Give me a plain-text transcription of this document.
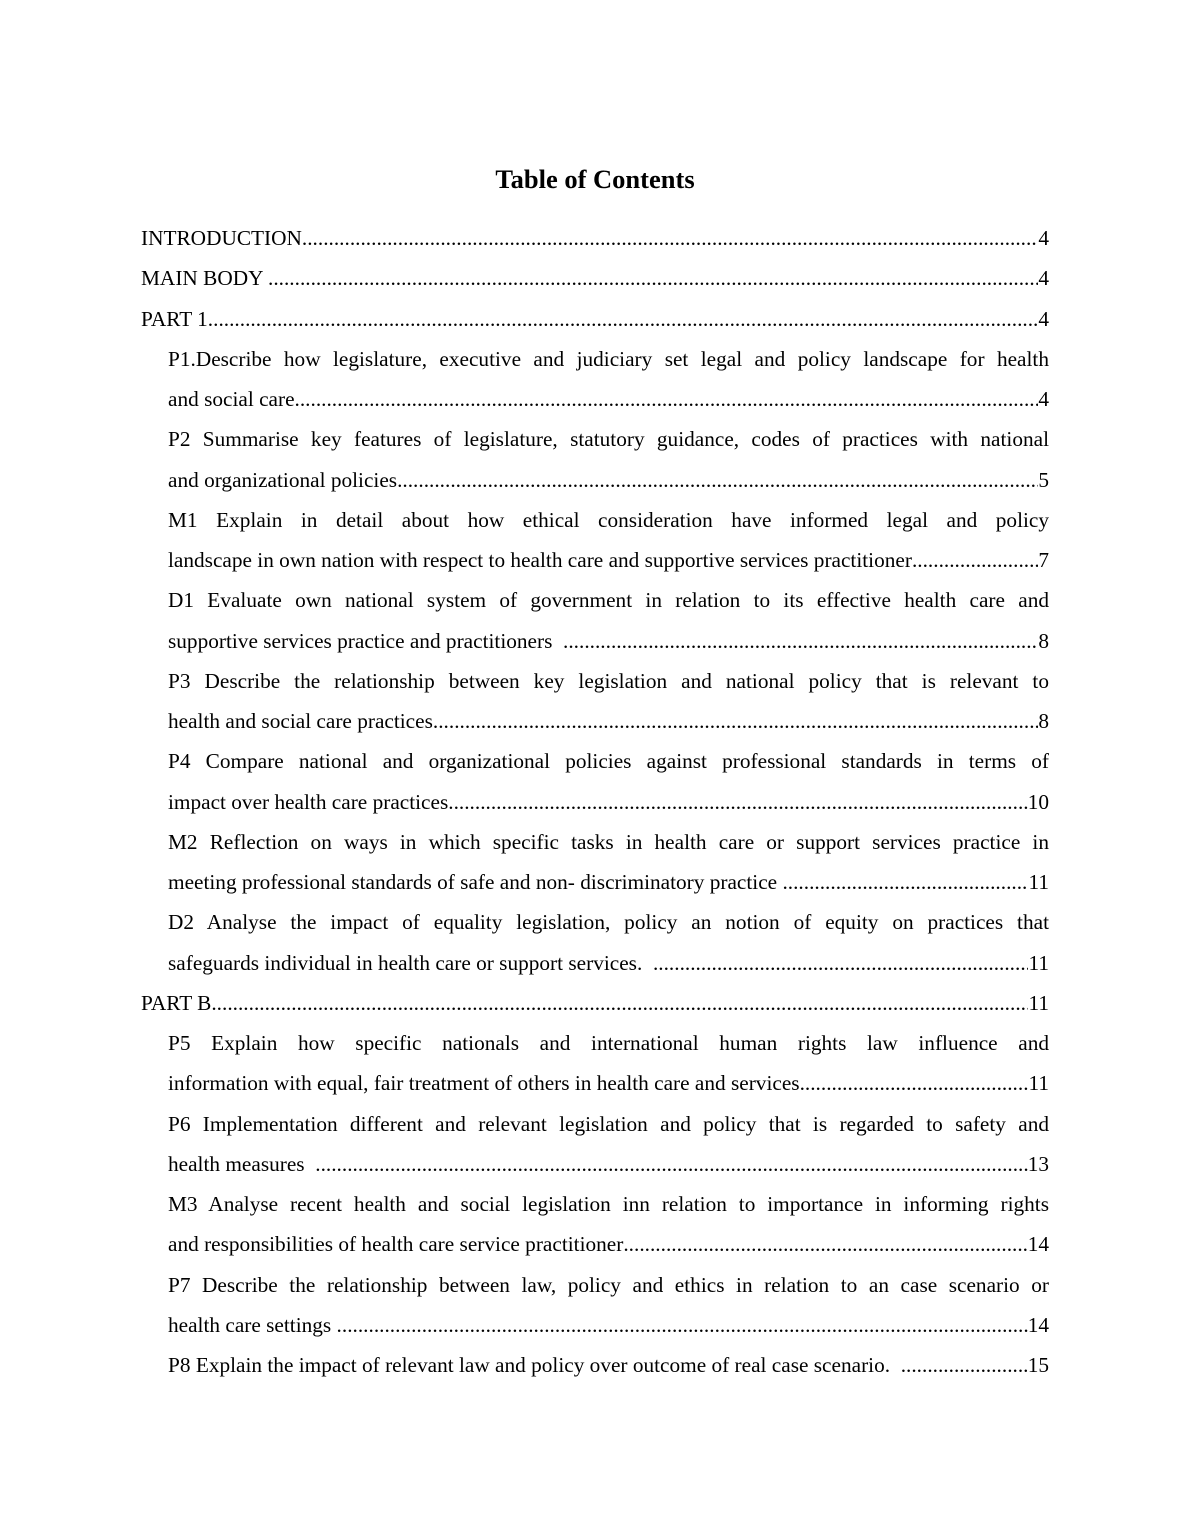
Table of Contents
INTRODUCTION .....	4
MAIN BODY .....	4
PART 1 .....	4
P1.Describe how legislature, executive and judiciary set legal and policy landscape for health
and social care .....	4
P2 Summarise key features of legislature, statutory guidance, codes of practices with national
and organizational policies .....	5
M1 Explain in detail about how ethical consideration have informed legal and policy
landscape in own nation with respect to health care and supportive services practitioner .....	7
D1 Evaluate own national system of government in relation to its effective health care and
supportive services practice and practitioners .....	8
P3 Describe the relationship between key legislation and national policy that is relevant to
health and social care practices .....	8
P4 Compare national and organizational policies against professional standards in terms of
impact over health care practices .....	10
M2 Reflection on ways in which specific tasks in health care or support services practice in
meeting professional standards of safe and non- discriminatory practice .....	11
D2 Analyse the impact of equality legislation, policy an notion of equity on practices that
safeguards individual in health care or support services. .....	11
PART B .....	11
P5 Explain how specific nationals and international human rights law influence and
information with equal, fair treatment of others in health care and services .....	11
P6 Implementation different and relevant legislation and policy that is regarded to safety and
health measures .....	13
M3 Analyse recent health and social legislation inn relation to importance in informing rights
and responsibilities of health care service practitioner .....	14
P7 Describe the relationship between law, policy and ethics in relation to an case scenario or
health care settings .....	14
P8 Explain the impact of relevant law and policy over outcome of real case scenario. .....	15
